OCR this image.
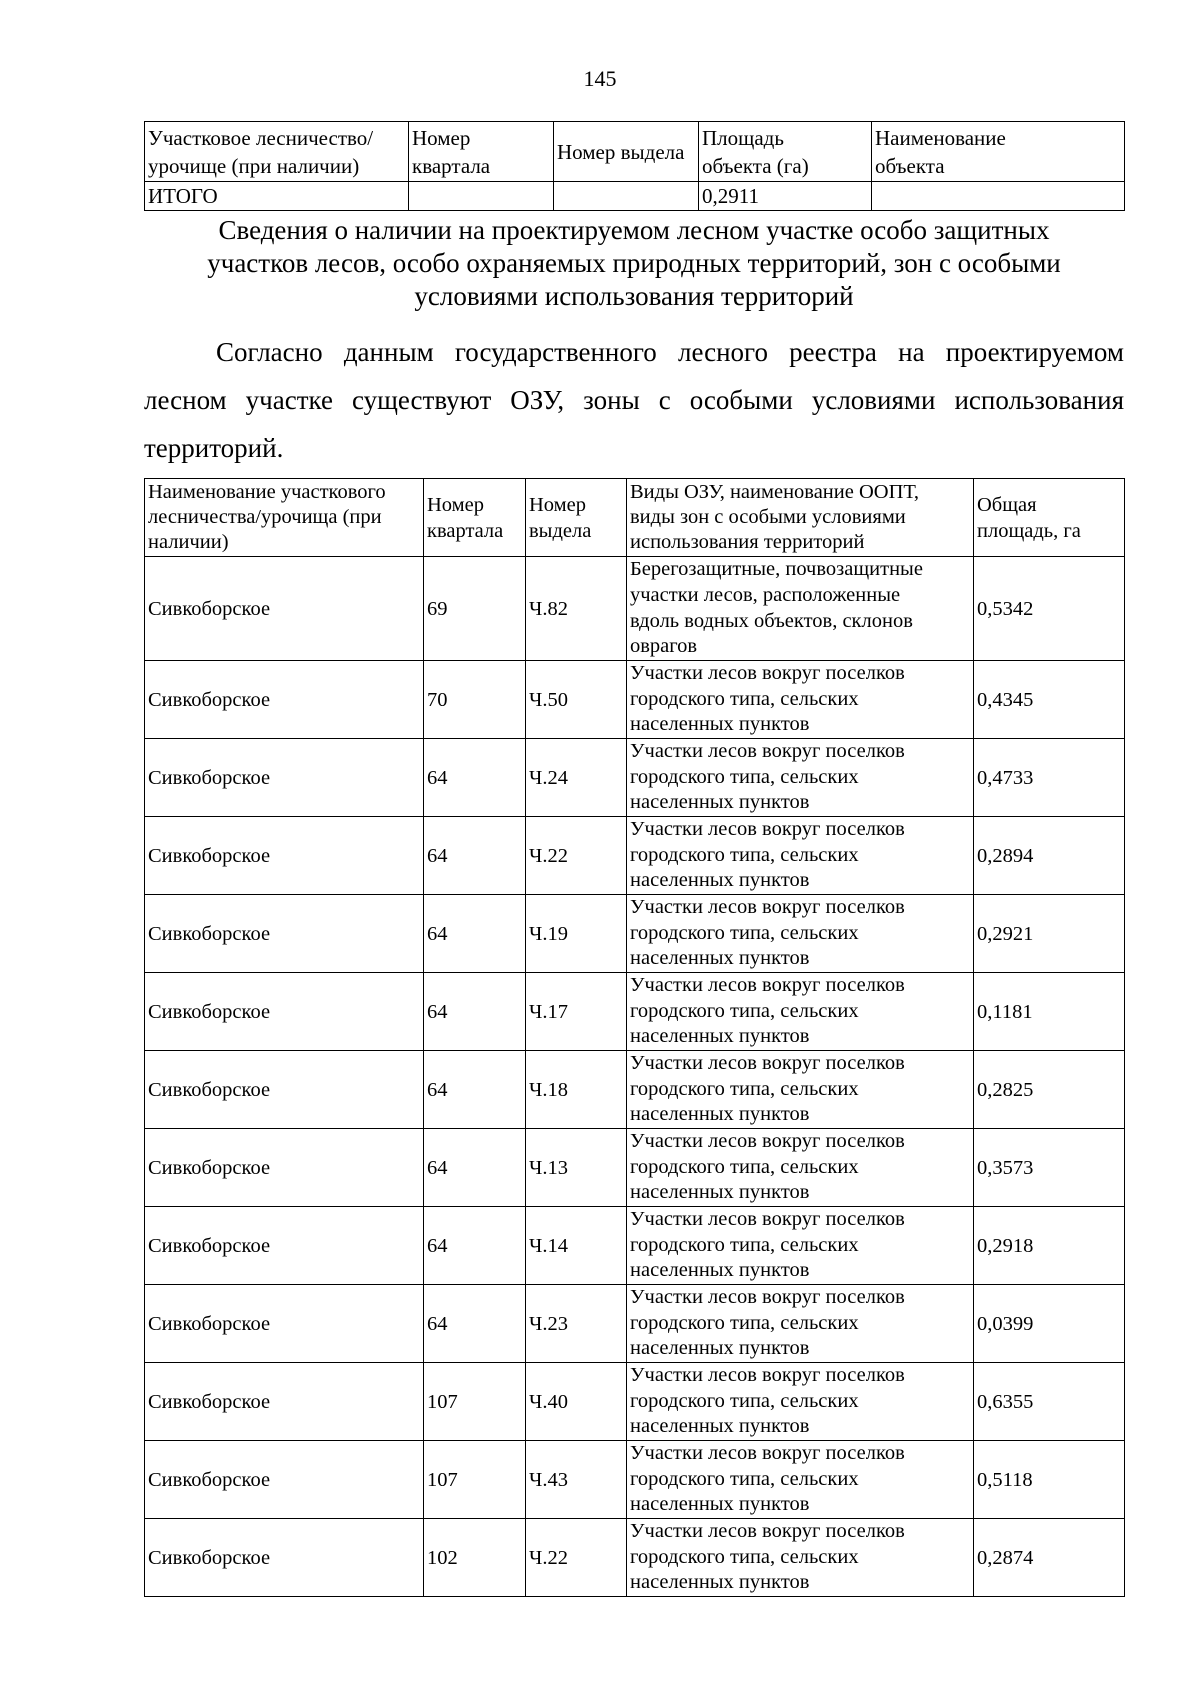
145
Участковое лесничество/
урочище (при наличии)	Номер
квартала	Номер выдела	Площадь
объекта (га)	Наименование
объекта

ИТОГО			0,2911	
Сведения о наличии на проектируемом лесном участке особо защитных
участков лесов, особо охраняемых природных территорий, зон с особыми
условиями использования территорий
Согласно данным государственного лесного реестра на проектируемом
лесном участке существуют ОЗУ, зоны с особыми условиями использования
территорий.
Наименование участкового
лесничества/урочища (при
наличии)	Номер
квартала	Номер
выдела	Виды ОЗУ, наименование ООПТ,
виды зон с особыми условиями
использования территорий	Общая
площадь, га

Сивкоборское	69	Ч.82	Берегозащитные, почвозащитные
участки лесов, расположенные
вдоль водных объектов, склонов
оврагов	0,5342
Сивкоборское	70	Ч.50	Участки лесов вокруг поселков
городского типа, сельских
населенных пунктов	0,4345
Сивкоборское	64	Ч.24	Участки лесов вокруг поселков
городского типа, сельских
населенных пунктов	0,4733
Сивкоборское	64	Ч.22	Участки лесов вокруг поселков
городского типа, сельских
населенных пунктов	0,2894
Сивкоборское	64	Ч.19	Участки лесов вокруг поселков
городского типа, сельских
населенных пунктов	0,2921
Сивкоборское	64	Ч.17	Участки лесов вокруг поселков
городского типа, сельских
населенных пунктов	0,1181
Сивкоборское	64	Ч.18	Участки лесов вокруг поселков
городского типа, сельских
населенных пунктов	0,2825
Сивкоборское	64	Ч.13	Участки лесов вокруг поселков
городского типа, сельских
населенных пунктов	0,3573
Сивкоборское	64	Ч.14	Участки лесов вокруг поселков
городского типа, сельских
населенных пунктов	0,2918
Сивкоборское	64	Ч.23	Участки лесов вокруг поселков
городского типа, сельских
населенных пунктов	0,0399
Сивкоборское	107	Ч.40	Участки лесов вокруг поселков
городского типа, сельских
населенных пунктов	0,6355
Сивкоборское	107	Ч.43	Участки лесов вокруг поселков
городского типа, сельских
населенных пунктов	0,5118
Сивкоборское	102	Ч.22	Участки лесов вокруг поселков
городского типа, сельских
населенных пунктов	0,2874
